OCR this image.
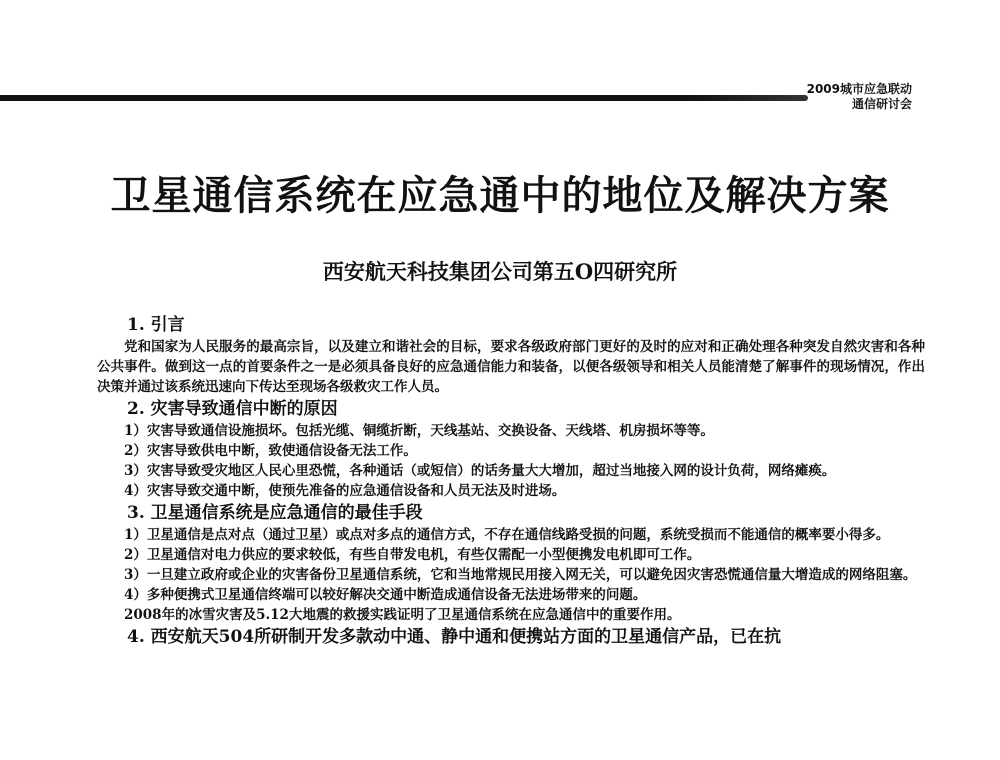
2009城市应急联动
通信研讨会
卫星通信系统在应急通中的地位及解决方案
西安航天科技集团公司第五O四研究所

1. 引言

党和国家为人民服务的最高宗旨，以及建立和谐社会的目标，要求各级政府部门更好的及时的应对和正确处理各种突发自然灾害和各种公共事件。做到这一点的首要条件之一是必须具备良好的应急通信能力和装备，以便各级领导和相关人员能清楚了解事件的现场情况，作出决策并通过该系统迅速向下传达至现场各级救灾工作人员。

2. 灾害导致通信中断的原因

1）灾害导致通信设施损坏。包括光缆、铜缆折断，天线基站、交换设备、天线塔、机房损坏等等。

2）灾害导致供电中断，致使通信设备无法工作。

3）灾害导致受灾地区人民心里恐慌，各种通话（或短信）的话务量大大增加，超过当地接入网的设计负荷，网络瘫痪。

4）灾害导致交通中断，使预先准备的应急通信设备和人员无法及时进场。

3. 卫星通信系统是应急通信的最佳手段

1）卫星通信是点对点（通过卫星）或点对多点的通信方式，不存在通信线路受损的问题，系统受损而不能通信的概率要小得多。

2）卫星通信对电力供应的要求较低，有些自带发电机，有些仅需配一小型便携发电机即可工作。

3）一旦建立政府或企业的灾害备份卫星通信系统，它和当地常规民用接入网无关，可以避免因灾害恐慌通信量大增造成的网络阻塞。

4）多种便携式卫星通信终端可以较好解决交通中断造成通信设备无法进场带来的问题。

2008年的冰雪灾害及5.12大地震的救援实践证明了卫星通信系统在应急通信中的重要作用。

4. 西安航天504所研制开发多款动中通、静中通和便携站方面的卫星通信产品，已在抗
